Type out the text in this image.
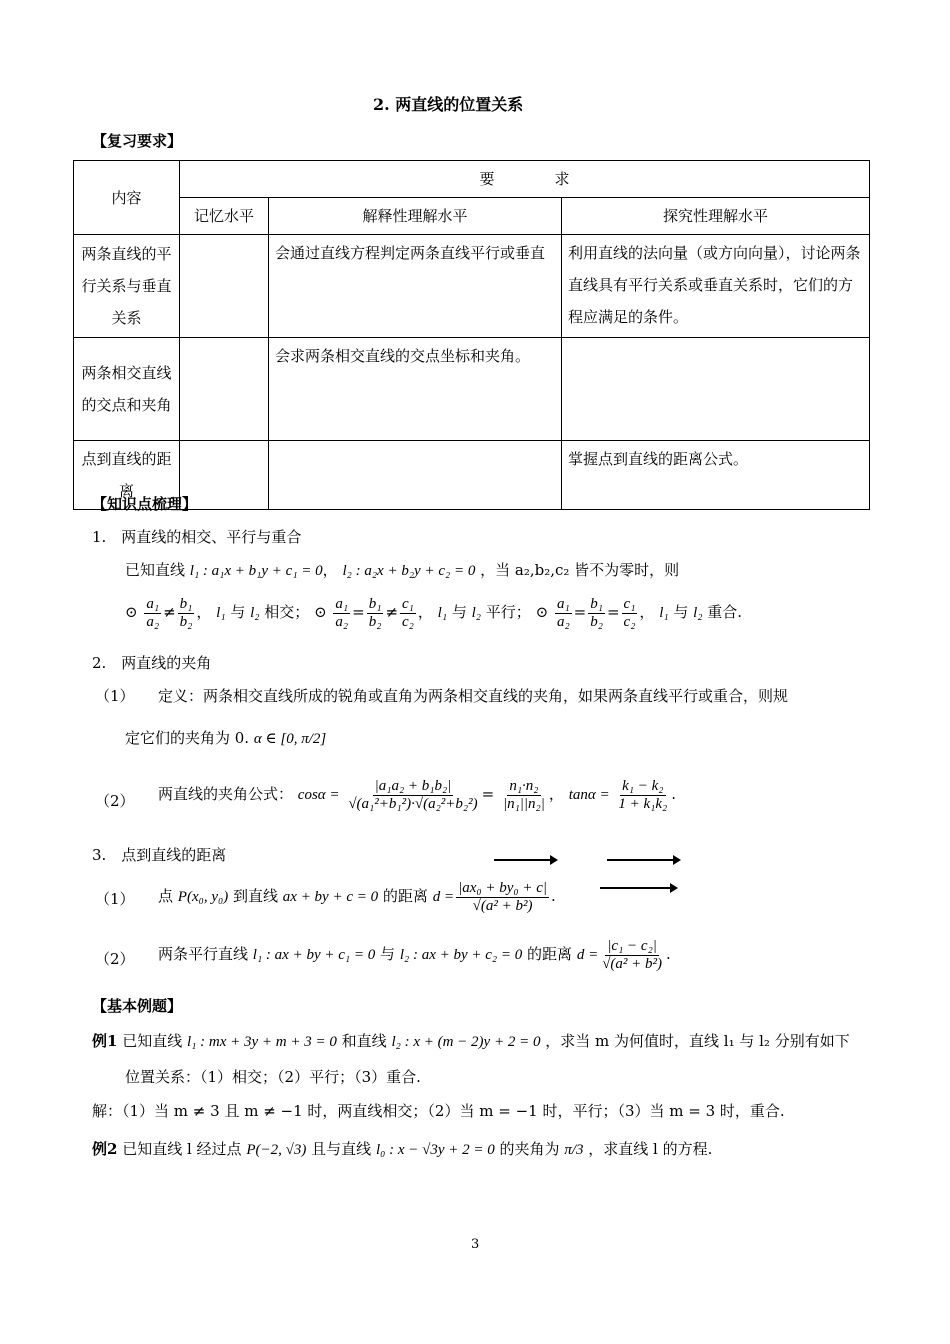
2. 两直线的位置关系
【复习要求】
内容	要　　　　求		
	记忆水平	解释性理解水平	探究性理解水平
两条直线的平行关系与垂直关系		会通过直线方程判定两条直线平行或垂直	利用直线的法向量（或方向向量），讨论两条直线具有平行关系或垂直关系时，它们的方程应满足的条件。
两条相交直线的交点和夹角		会求两条相交直线的交点坐标和夹角。	
点到直线的距离			掌握点到直线的距离公式。
【知识点梳理】
1.　两直线的相交、平行与重合
已知直线 l₁ : a₁x + b₁y + c₁ = 0， l₂ : a₂x + b₂y + c₂ = 0 ，当 a₂,b₂,c₂ 皆不为零时，则
⊙ $\frac{\text{a₁}}{\text{a₂}} \ne \frac{\text{b₁}}{\text{b₂}}$ ， l₁ 与 l₂ 相交； ⊙ $\frac{\text{a₁}}{\text{a₂}} = \frac{\text{b₁}}{\text{b₂}} \ne \frac{\text{c₁}}{\text{c₂}}$ ， l₁ 与 l₂ 平行； ⊙ $\frac{\text{a₁}}{\text{a₂}} = \frac{\text{b₁}}{\text{b₂}} = \frac{\text{c₁}}{\text{c₂}}$ ， l₁ 与 l₂ 重合.
2.　两直线的夹角
（1） 定义：两条相交直线所成的锐角或直角为两条相交直线的夹角，如果两条直线平行或重合，则规
定它们的夹角为 0. α ∈ [0, π/2]
（2） 两直线的夹角公式： $\cos\alpha = \frac{\text{|a₁a₂ + b₁b₂|}}{\text{√(a₁²+b₁²)·√(a₂²+b₂²)}} = \frac{\text{n₁·n₂}}{\text{|n₁||n₂|}}$ ， $\tan\alpha = \frac{\text{k₁ − k₂}}{\text{1 + k₁k₂}}$ .
3.　点到直线的距离
（1） 点 P(x₀, y₀) 到直线 ax + by + c = 0 的距离 $d = \frac{\text{|ax₀ + by₀ + c|}}{\text{√(a² + b²)}}$ .
（2） 两条平行直线 l₁ : ax + by + c₁ = 0 与 l₂ : ax + by + c₂ = 0 的距离 $d = \frac{\text{|c₁ − c₂|}}{\text{√(a² + b²)}}$ .
【基本例题】
例1 已知直线 l₁ : mx + 3y + m + 3 = 0 和直线 l₂ : x + (m − 2)y + 2 = 0 ，求当 m 为何值时，直线 l₁ 与 l₂ 分别有如下
位置关系：（1）相交；（2）平行；（3）重合.
解：（1）当 m ≠ 3 且 m ≠ −1 时，两直线相交；（2）当 m = −1 时，平行；（3）当 m = 3 时，重合.
例2 已知直线 l 经过点 P(−2, √3) 且与直线 l₀ : x − √3y + 2 = 0 的夹角为 π/3 ，求直线 l 的方程.
3
